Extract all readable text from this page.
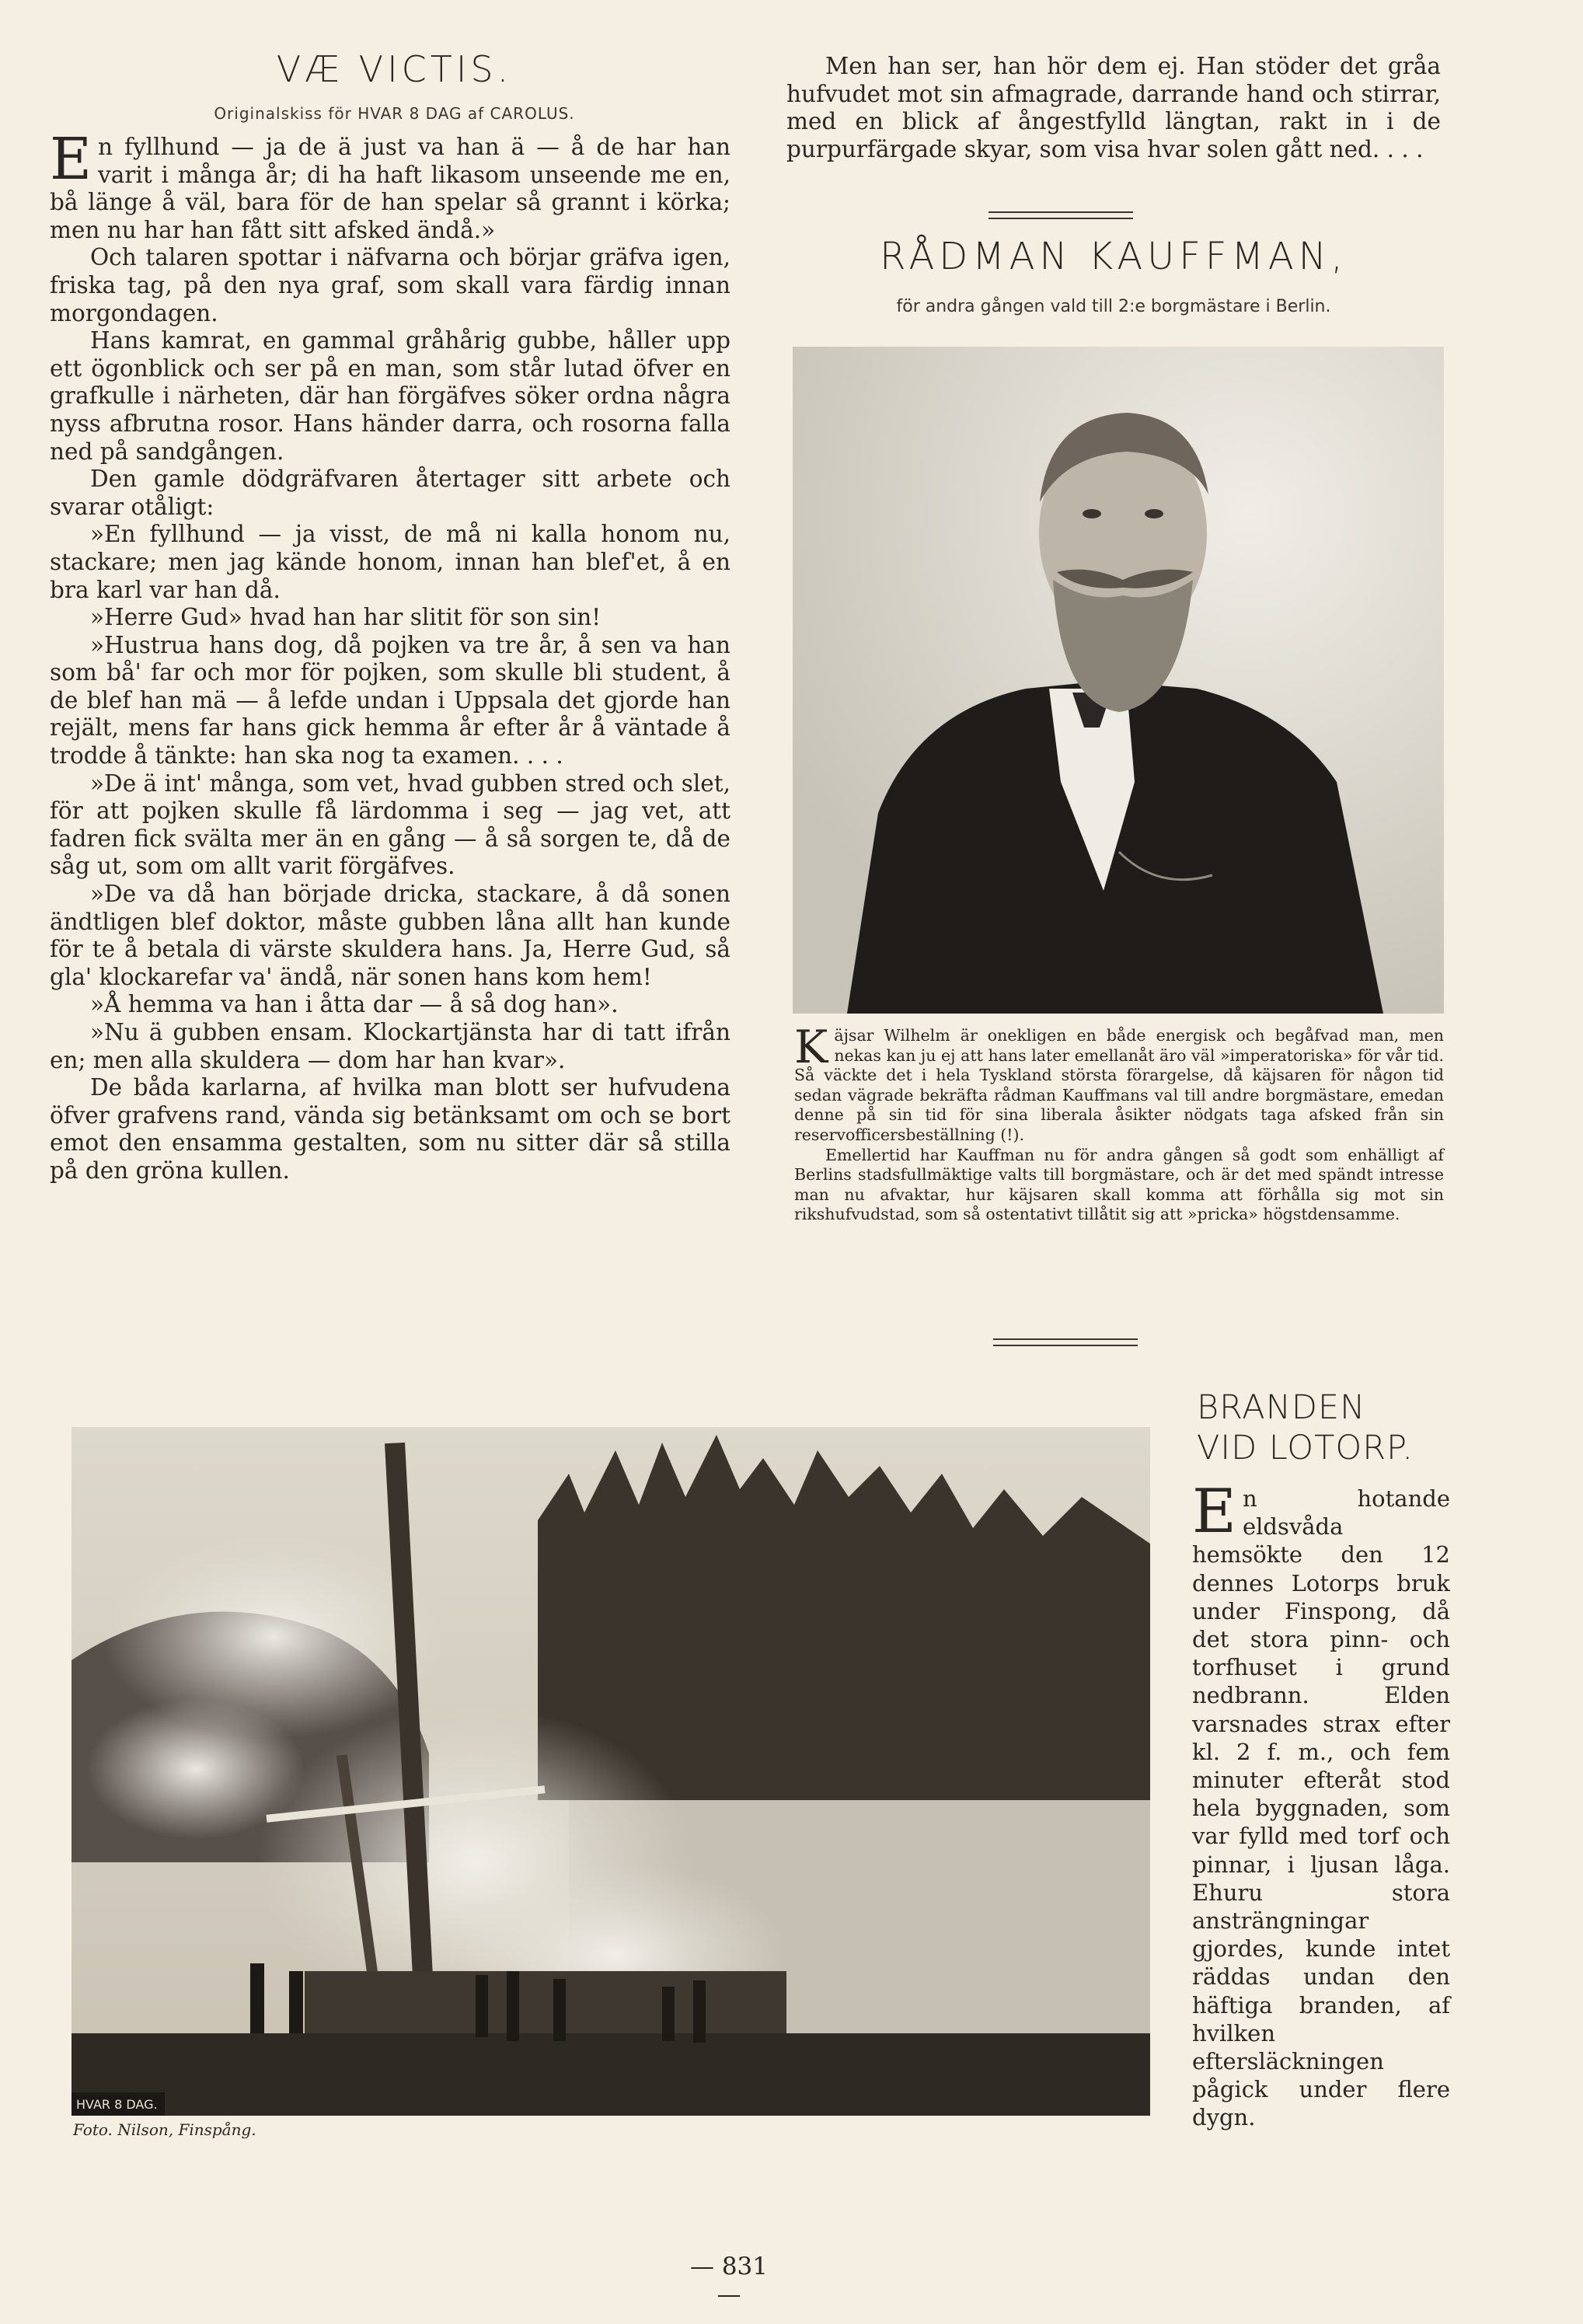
VÆ VICTIS.
Originalskiss för HVAR 8 DAG af CAROLUS.

En fyllhund — ja de ä just va han ä — å de har han varit i många år; di ha haft likasom unseende me en, bå länge å väl, bara för de han spelar så grannt i körka; men nu har han fått sitt afsked ändå.»

Och talaren spottar i näfvarna och börjar gräfva igen, friska tag, på den nya graf, som skall vara färdig innan morgondagen.

Hans kamrat, en gammal gråhårig gubbe, håller upp ett ögonblick och ser på en man, som står lutad öfver en grafkulle i närheten, där han förgäfves söker ordna några nyss afbrutna rosor. Hans händer darra, och rosorna falla ned på sandgången.

Den gamle dödgräfvaren återtager sitt arbete och svarar otåligt:

»En fyllhund — ja visst, de må ni kalla honom nu, stackare; men jag kände honom, innan han blef'et, å en bra karl var han då.

»Herre Gud» hvad han har slitit för son sin!

»Hustrua hans dog, då pojken va tre år, å sen va han som bå' far och mor för pojken, som skulle bli student, å de blef han mä — å lefde undan i Uppsala det gjorde han rejält, mens far hans gick hemma år efter år å väntade å trodde å tänkte: han ska nog ta examen. . . .

»De ä int' många, som vet, hvad gubben stred och slet, för att pojken skulle få lärdomma i seg — jag vet, att fadren fick svälta mer än en gång — å så sorgen te, då de såg ut, som om allt varit förgäfves.

»De va då han började dricka, stackare, å då sonen ändtligen blef doktor, måste gubben låna allt han kunde för te å betala di värste skuldera hans. Ja, Herre Gud, så gla' klockarefar va' ändå, när sonen hans kom hem!

»Å hemma va han i åtta dar — å så dog han».

»Nu ä gubben ensam. Klockartjänsta har di tatt ifrån en; men alla skuldera — dom har han kvar».

De båda karlarna, af hvilka man blott ser hufvudena öfver grafvens rand, vända sig betänksamt om och se bort emot den ensamma gestalten, som nu sitter där så stilla på den gröna kullen.

Men han ser, han hör dem ej. Han stöder det gråa hufvudet mot sin afmagrade, darrande hand och stirrar, med en blick af ångestfylld längtan, rakt in i de purpurfärgade skyar, som visa hvar solen gått ned. . . .
RÅDMAN KAUFFMAN,
för andra gången vald till 2:e borgmästare i Berlin.

Käjsar Wilhelm är onekligen en både energisk och begåfvad man, men nekas kan ju ej att hans later emellanåt äro väl »imperatoriska» för vår tid. Så väckte det i hela Tyskland största förargelse, då käjsaren för någon tid sedan vägrade bekräfta rådman Kauffmans val till andre borgmästare, emedan denne på sin tid för sina liberala åsikter nödgats taga afsked från sin reservofficersbeställning (!).

Emellertid har Kauffman nu för andra gången så godt som enhälligt af Berlins stadsfullmäktige valts till borgmästare, och är det med spändt intresse man nu afvaktar, hur käjsaren skall komma att förhålla sig mot sin rikshufvudstad, som så ostentativt tillåtit sig att »pricka» högstdensamme.

HVAR 8 DAG.
Foto. Nilson, Finspång.
BRANDEN
VID LOTORP.

En hotande eldsvåda hemsökte den 12 dennes Lotorps bruk under Finspong, då det stora pinn- och torfhuset i grund nedbrann. Elden varsnades strax efter kl. 2 f. m., och fem minuter efteråt stod hela byggnaden, som var fylld med torf och pinnar, i ljusan låga. Ehuru stora ansträngningar gjordes, kunde intet räddas undan den häftiga branden, af hvilken eftersläckningen pågick under flere dygn.

— 831 —
